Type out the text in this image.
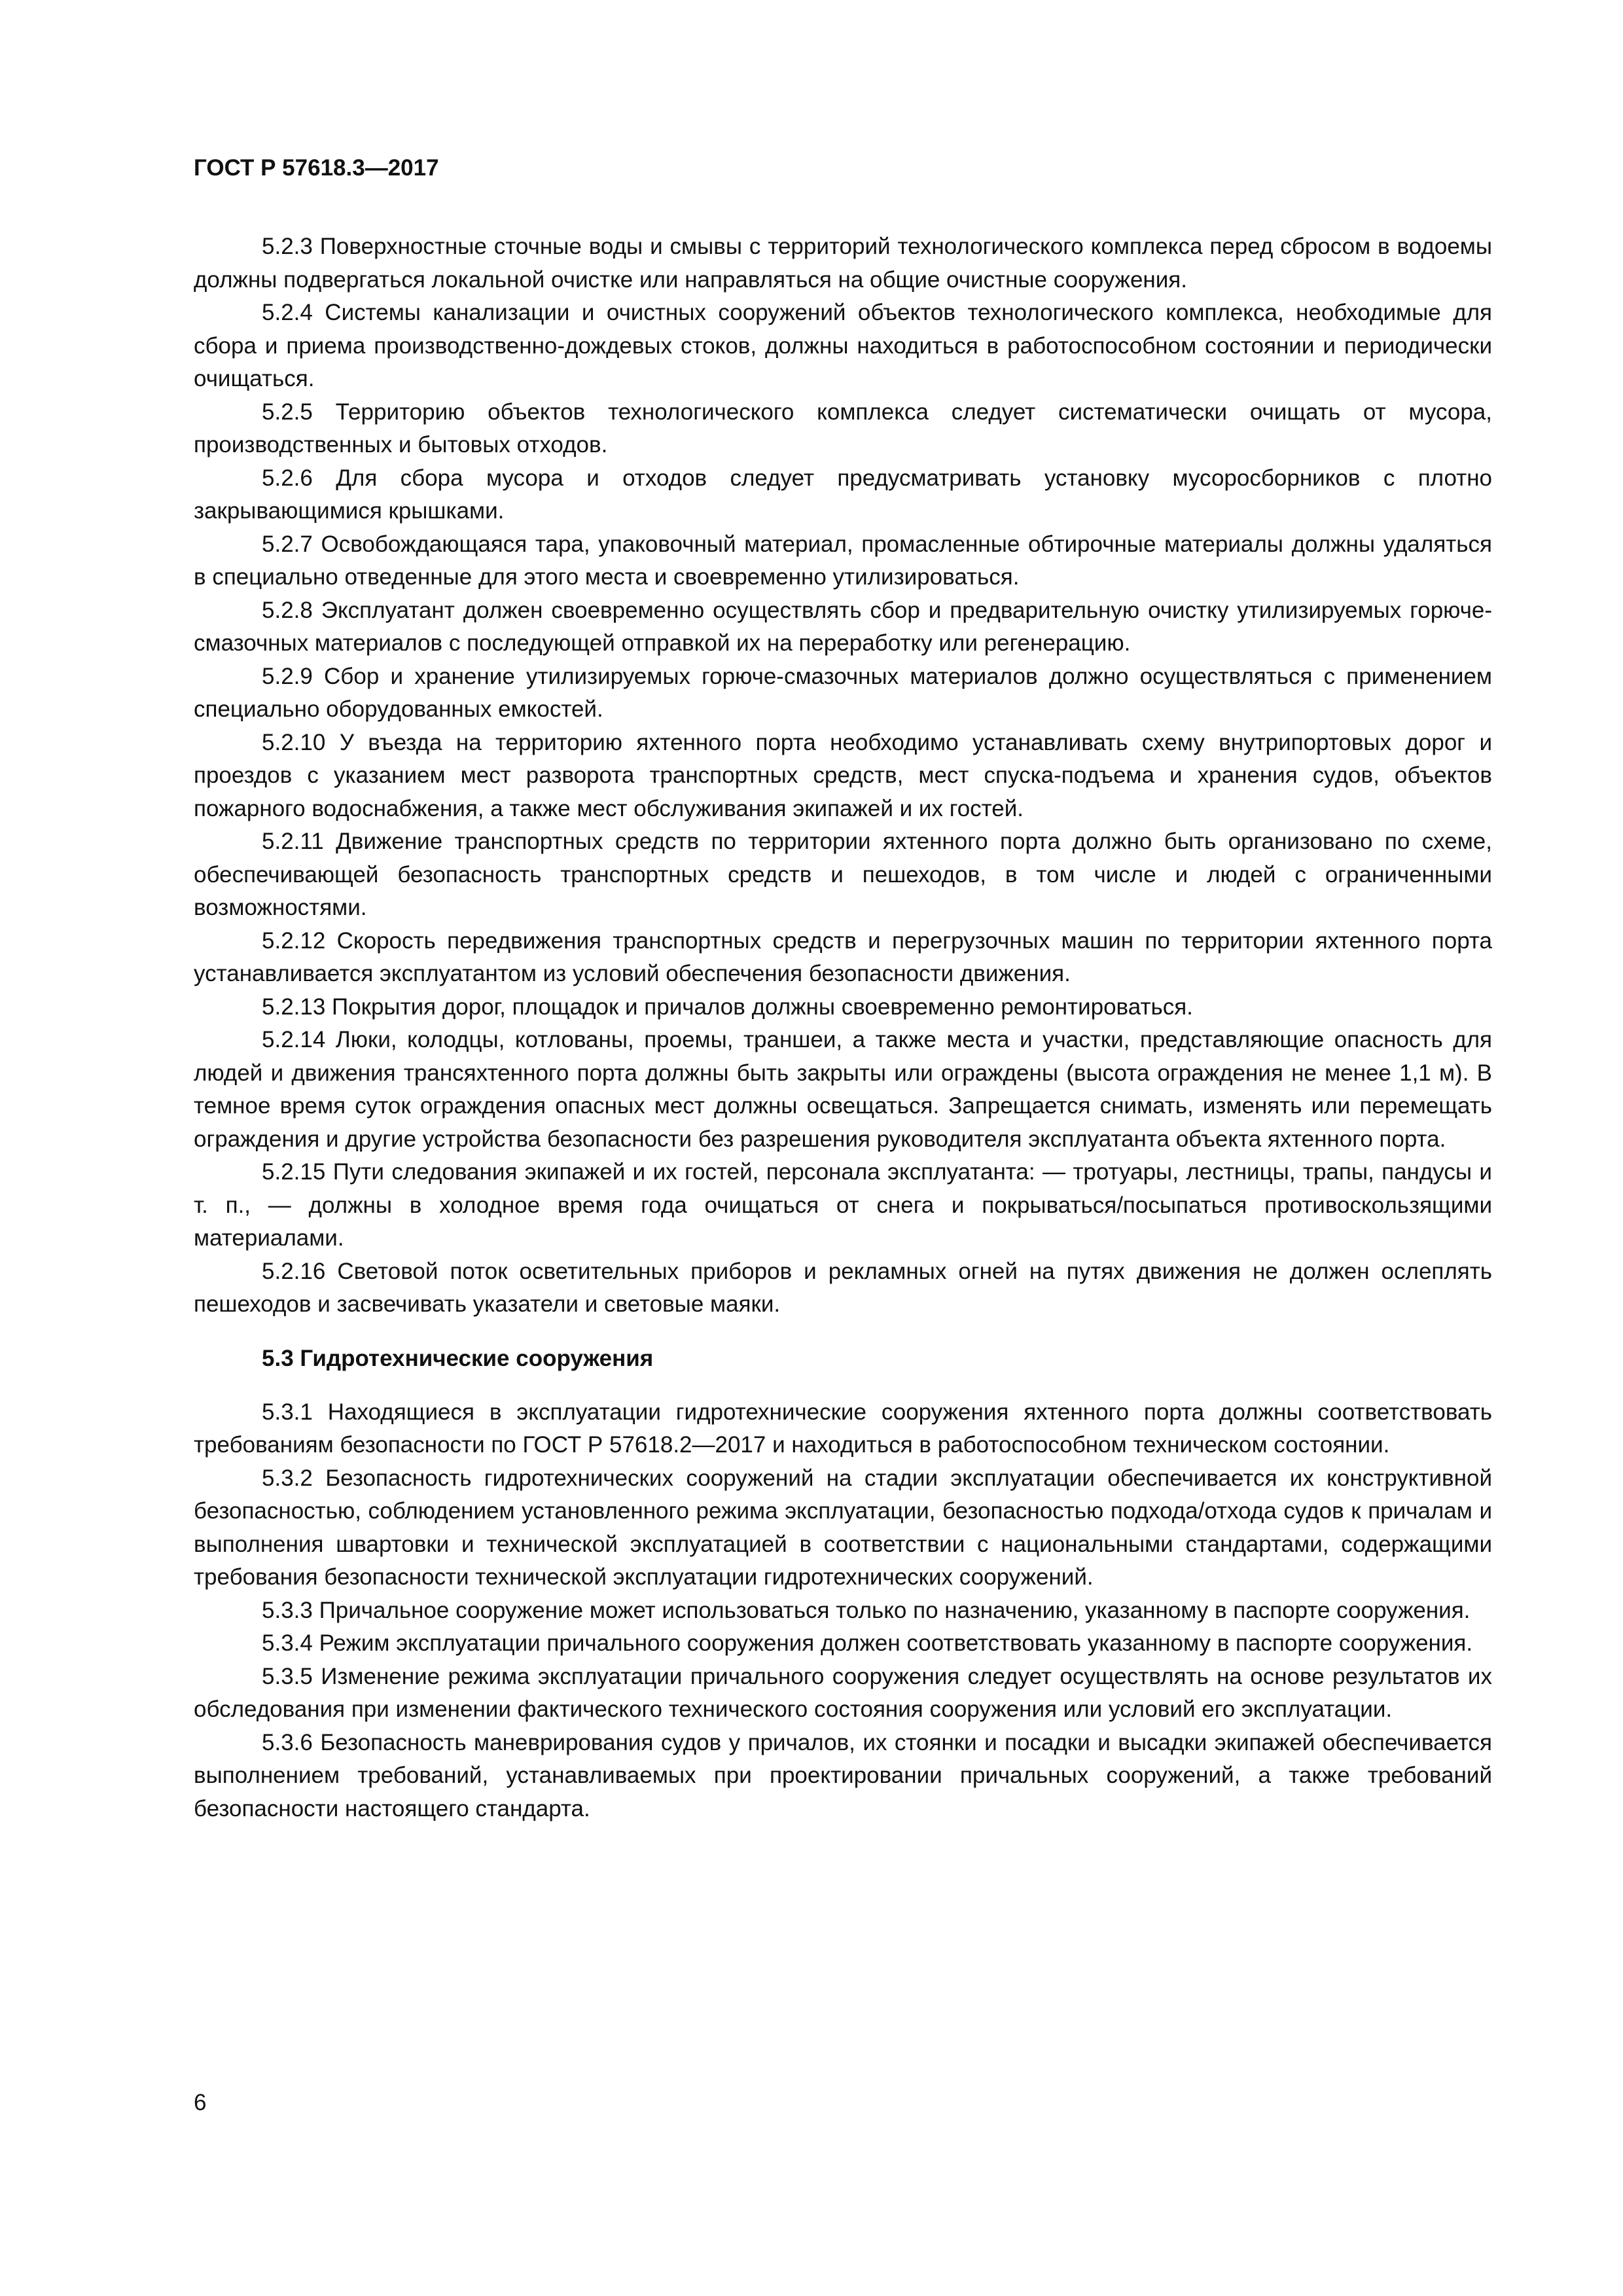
ГОСТ Р 57618.3—2017

5.2.3 Поверхностные сточные воды и смывы с территорий технологического комплекса перед сбросом в водоемы должны подвергаться локальной очистке или направляться на общие очистные сооружения.

5.2.4 Системы канализации и очистных сооружений объектов технологического комплекса, необходимые для сбора и приема производственно-дождевых стоков, должны находиться в работоспособном состоянии и периодически очищаться.

5.2.5 Территорию объектов технологического комплекса следует систематически очищать от мусора, производственных и бытовых отходов.

5.2.6 Для сбора мусора и отходов следует предусматривать установку мусоросборников с плотно закрывающимися крышками.

5.2.7 Освобождающаяся тара, упаковочный материал, промасленные обтирочные материалы должны удаляться в специально отведенные для этого места и своевременно утилизироваться.

5.2.8 Эксплуатант должен своевременно осуществлять сбор и предварительную очистку утилизируемых горюче-смазочных материалов с последующей отправкой их на переработку или регенерацию.

5.2.9 Сбор и хранение утилизируемых горюче-смазочных материалов должно осуществляться с применением специально оборудованных емкостей.

5.2.10 У въезда на территорию яхтенного порта необходимо устанавливать схему внутрипортовых дорог и проездов с указанием мест разворота транспортных средств, мест спуска-подъема и хранения судов, объектов пожарного водоснабжения, а также мест обслуживания экипажей и их гостей.

5.2.11 Движение транспортных средств по территории яхтенного порта должно быть организовано по схеме, обеспечивающей безопасность транспортных средств и пешеходов, в том числе и людей с ограниченными возможностями.

5.2.12 Скорость передвижения транспортных средств и перегрузочных машин по территории яхтенного порта устанавливается эксплуатантом из условий обеспечения безопасности движения.

5.2.13 Покрытия дорог, площадок и причалов должны своевременно ремонтироваться.

5.2.14 Люки, колодцы, котлованы, проемы, траншеи, а также места и участки, представляющие опасность для людей и движения трансяхтенного порта должны быть закрыты или ограждены (высота ограждения не менее 1,1 м). В темное время суток ограждения опасных мест должны освещаться. Запрещается снимать, изменять или перемещать ограждения и другие устройства безопасности без разрешения руководителя эксплуатанта объекта яхтенного порта.

5.2.15 Пути следования экипажей и их гостей, персонала эксплуатанта: — тротуары, лестницы, трапы, пандусы и т. п., — должны в холодное время года очищаться от снега и покрываться/посыпаться противоскользящими материалами.

5.2.16 Световой поток осветительных приборов и рекламных огней на путях движения не должен ослеплять пешеходов и засвечивать указатели и световые маяки.

5.3 Гидротехнические сооружения

5.3.1 Находящиеся в эксплуатации гидротехнические сооружения яхтенного порта должны соответствовать требованиям безопасности по ГОСТ Р 57618.2—2017 и находиться в работоспособном техническом состоянии.

5.3.2 Безопасность гидротехнических сооружений на стадии эксплуатации обеспечивается их конструктивной безопасностью, соблюдением установленного режима эксплуатации, безопасностью подхода/отхода судов к причалам и выполнения швартовки и технической эксплуатацией в соответствии с национальными стандартами, содержащими требования безопасности технической эксплуатации гидротехнических сооружений.

5.3.3 Причальное сооружение может использоваться только по назначению, указанному в паспорте сооружения.

5.3.4 Режим эксплуатации причального сооружения должен соответствовать указанному в паспорте сооружения.

5.3.5 Изменение режима эксплуатации причального сооружения следует осуществлять на основе результатов их обследования при изменении фактического технического состояния сооружения или условий его эксплуатации.

5.3.6 Безопасность маневрирования судов у причалов, их стоянки и посадки и высадки экипажей обеспечивается выполнением требований, устанавливаемых при проектировании причальных сооружений, а также требований безопасности настоящего стандарта.

6
